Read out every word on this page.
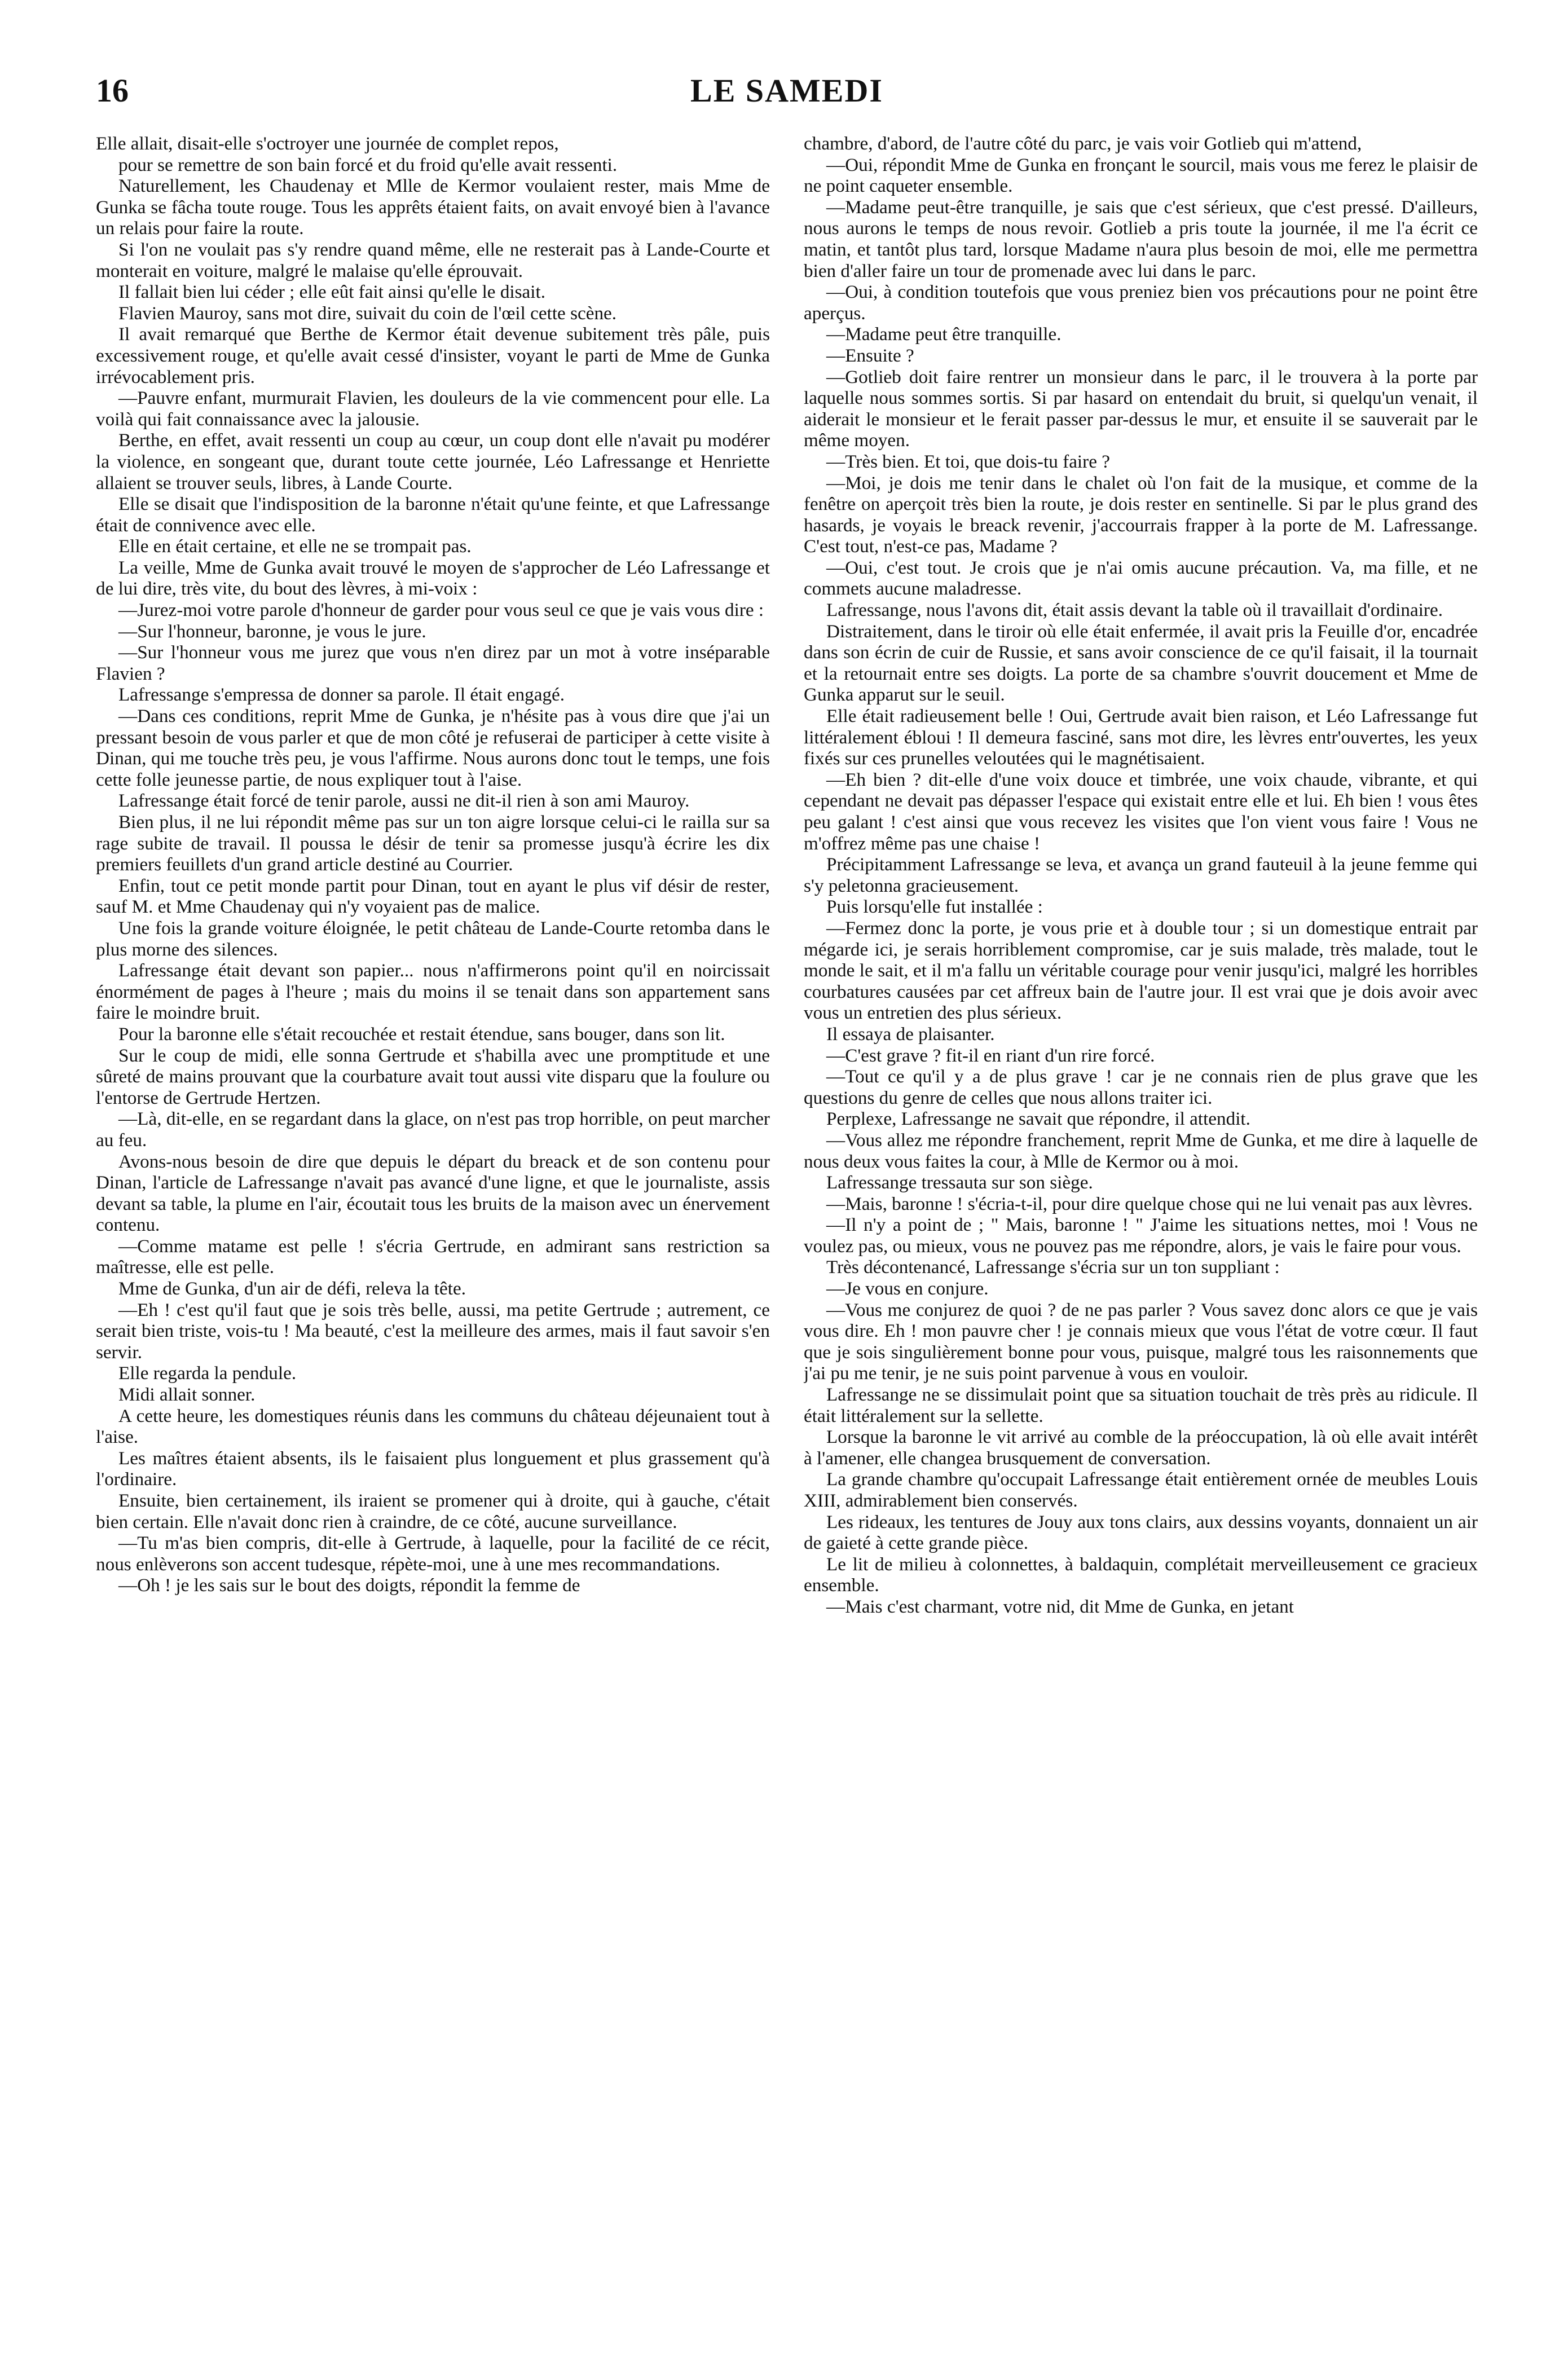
16	LE SAMEDI

Elle allait, disait-elle s'octroyer une journée de complet repos,

pour se remettre de son bain forcé et du froid qu'elle avait ressenti.

Naturellement, les Chaudenay et Mlle de Kermor voulaient rester, mais Mme de Gunka se fâcha toute rouge. Tous les apprêts étaient faits, on avait envoyé bien à l'avance un relais pour faire la route.

Si l'on ne voulait pas s'y rendre quand même, elle ne resterait pas à Lande-Courte et monterait en voiture, malgré le malaise qu'elle éprouvait.

Il fallait bien lui céder ; elle eût fait ainsi qu'elle le disait.

Flavien Mauroy, sans mot dire, suivait du coin de l'œil cette scène.

Il avait remarqué que Berthe de Kermor était devenue subitement très pâle, puis excessivement rouge, et qu'elle avait cessé d'insister, voyant le parti de Mme de Gunka irrévocablement pris.

—Pauvre enfant, murmurait Flavien, les douleurs de la vie commencent pour elle. La voilà qui fait connaissance avec la jalousie.

Berthe, en effet, avait ressenti un coup au cœur, un coup dont elle n'avait pu modérer la violence, en songeant que, durant toute cette journée, Léo Lafressange et Henriette allaient se trouver seuls, libres, à Lande Courte.

Elle se disait que l'indisposition de la baronne n'était qu'une feinte, et que Lafressange était de connivence avec elle.

Elle en était certaine, et elle ne se trompait pas.

La veille, Mme de Gunka avait trouvé le moyen de s'approcher de Léo Lafressange et de lui dire, très vite, du bout des lèvres, à mi-voix :

—Jurez-moi votre parole d'honneur de garder pour vous seul ce que je vais vous dire :

—Sur l'honneur, baronne, je vous le jure.

—Sur l'honneur vous me jurez que vous n'en direz par un mot à votre inséparable Flavien ?

Lafressange s'empressa de donner sa parole. Il était engagé.

—Dans ces conditions, reprit Mme de Gunka, je n'hésite pas à vous dire que j'ai un pressant besoin de vous parler et que de mon côté je refuserai de participer à cette visite à Dinan, qui me touche très peu, je vous l'affirme. Nous aurons donc tout le temps, une fois cette folle jeunesse partie, de nous expliquer tout à l'aise.

Lafressange était forcé de tenir parole, aussi ne dit-il rien à son ami Mauroy.

Bien plus, il ne lui répondit même pas sur un ton aigre lorsque celui-ci le railla sur sa rage subite de travail. Il poussa le désir de tenir sa promesse jusqu'à écrire les dix premiers feuillets d'un grand article destiné au Courrier.

Enfin, tout ce petit monde partit pour Dinan, tout en ayant le plus vif désir de rester, sauf M. et Mme Chaudenay qui n'y voyaient pas de malice.

Une fois la grande voiture éloignée, le petit château de Lande-Courte retomba dans le plus morne des silences.

Lafressange était devant son papier... nous n'affirmerons point qu'il en noircissait énormément de pages à l'heure ; mais du moins il se tenait dans son appartement sans faire le moindre bruit.

Pour la baronne elle s'était recouchée et restait étendue, sans bouger, dans son lit.

Sur le coup de midi, elle sonna Gertrude et s'habilla avec une promptitude et une sûreté de mains prouvant que la courbature avait tout aussi vite disparu que la foulure ou l'entorse de Gertrude Hertzen.

—Là, dit-elle, en se regardant dans la glace, on n'est pas trop horrible, on peut marcher au feu.

Avons-nous besoin de dire que depuis le départ du breack et de son contenu pour Dinan, l'article de Lafressange n'avait pas avancé d'une ligne, et que le journaliste, assis devant sa table, la plume en l'air, écoutait tous les bruits de la maison avec un énervement contenu.

—Comme matame est pelle ! s'écria Gertrude, en admirant sans restriction sa maîtresse, elle est pelle.

Mme de Gunka, d'un air de défi, releva la tête.

—Eh ! c'est qu'il faut que je sois très belle, aussi, ma petite Gertrude ; autrement, ce serait bien triste, vois-tu ! Ma beauté, c'est la meilleure des armes, mais il faut savoir s'en servir.

Elle regarda la pendule.

Midi allait sonner.

A cette heure, les domestiques réunis dans les communs du château déjeunaient tout à l'aise.

Les maîtres étaient absents, ils le faisaient plus longuement et plus grassement qu'à l'ordinaire.

Ensuite, bien certainement, ils iraient se promener qui à droite, qui à gauche, c'était bien certain. Elle n'avait donc rien à craindre, de ce côté, aucune surveillance.

—Tu m'as bien compris, dit-elle à Gertrude, à laquelle, pour la facilité de ce récit, nous enlèverons son accent tudesque, répète-moi, une à une mes recommandations.

—Oh ! je les sais sur le bout des doigts, répondit la femme de

chambre, d'abord, de l'autre côté du parc, je vais voir Gotlieb qui m'attend,

—Oui, répondit Mme de Gunka en fronçant le sourcil, mais vous me ferez le plaisir de ne point caqueter ensemble.

—Madame peut-être tranquille, je sais que c'est sérieux, que c'est pressé. D'ailleurs, nous aurons le temps de nous revoir. Gotlieb a pris toute la journée, il me l'a écrit ce matin, et tantôt plus tard, lorsque Madame n'aura plus besoin de moi, elle me permettra bien d'aller faire un tour de promenade avec lui dans le parc.

—Oui, à condition toutefois que vous preniez bien vos précautions pour ne point être aperçus.

—Madame peut être tranquille.

—Ensuite ?

—Gotlieb doit faire rentrer un monsieur dans le parc, il le trouvera à la porte par laquelle nous sommes sortis. Si par hasard on entendait du bruit, si quelqu'un venait, il aiderait le monsieur et le ferait passer par-dessus le mur, et ensuite il se sauverait par le même moyen.

—Très bien. Et toi, que dois-tu faire ?

—Moi, je dois me tenir dans le chalet où l'on fait de la musique, et comme de la fenêtre on aperçoit très bien la route, je dois rester en sentinelle. Si par le plus grand des hasards, je voyais le breack revenir, j'accourrais frapper à la porte de M. Lafressange. C'est tout, n'est-ce pas, Madame ?

—Oui, c'est tout. Je crois que je n'ai omis aucune précaution. Va, ma fille, et ne commets aucune maladresse.

Lafressange, nous l'avons dit, était assis devant la table où il travaillait d'ordinaire.

Distraitement, dans le tiroir où elle était enfermée, il avait pris la Feuille d'or, encadrée dans son écrin de cuir de Russie, et sans avoir conscience de ce qu'il faisait, il la tournait et la retournait entre ses doigts. La porte de sa chambre s'ouvrit doucement et Mme de Gunka apparut sur le seuil.

Elle était radieusement belle ! Oui, Gertrude avait bien raison, et Léo Lafressange fut littéralement ébloui ! Il demeura fasciné, sans mot dire, les lèvres entr'ouvertes, les yeux fixés sur ces prunelles veloutées qui le magnétisaient.

—Eh bien ? dit-elle d'une voix douce et timbrée, une voix chaude, vibrante, et qui cependant ne devait pas dépasser l'espace qui existait entre elle et lui. Eh bien ! vous êtes peu galant ! c'est ainsi que vous recevez les visites que l'on vient vous faire ! Vous ne m'offrez même pas une chaise !

Précipitamment Lafressange se leva, et avança un grand fauteuil à la jeune femme qui s'y peletonna gracieusement.

Puis lorsqu'elle fut installée :

—Fermez donc la porte, je vous prie et à double tour ; si un domestique entrait par mégarde ici, je serais horriblement compromise, car je suis malade, très malade, tout le monde le sait, et il m'a fallu un véritable courage pour venir jusqu'ici, malgré les horribles courbatures causées par cet affreux bain de l'autre jour. Il est vrai que je dois avoir avec vous un entretien des plus sérieux.

Il essaya de plaisanter.

—C'est grave ? fit-il en riant d'un rire forcé.

—Tout ce qu'il y a de plus grave ! car je ne connais rien de plus grave que les questions du genre de celles que nous allons traiter ici.

Perplexe, Lafressange ne savait que répondre, il attendit.

—Vous allez me répondre franchement, reprit Mme de Gunka, et me dire à laquelle de nous deux vous faites la cour, à Mlle de Kermor ou à moi.

Lafressange tressauta sur son siège.

—Mais, baronne ! s'écria-t-il, pour dire quelque chose qui ne lui venait pas aux lèvres.

—Il n'y a point de ; " Mais, baronne ! " J'aime les situations nettes, moi ! Vous ne voulez pas, ou mieux, vous ne pouvez pas me répondre, alors, je vais le faire pour vous.

Très décontenancé, Lafressange s'écria sur un ton suppliant :

—Je vous en conjure.

—Vous me conjurez de quoi ? de ne pas parler ? Vous savez donc alors ce que je vais vous dire. Eh ! mon pauvre cher ! je connais mieux que vous l'état de votre cœur. Il faut que je sois singulièrement bonne pour vous, puisque, malgré tous les raisonnements que j'ai pu me tenir, je ne suis point parvenue à vous en vouloir.

Lafressange ne se dissimulait point que sa situation touchait de très près au ridicule. Il était littéralement sur la sellette.

Lorsque la baronne le vit arrivé au comble de la préoccupation, là où elle avait intérêt à l'amener, elle changea brusquement de conversation.

La grande chambre qu'occupait Lafressange était entièrement ornée de meubles Louis XIII, admirablement bien conservés.

Les rideaux, les tentures de Jouy aux tons clairs, aux dessins voyants, donnaient un air de gaieté à cette grande pièce.

Le lit de milieu à colonnettes, à baldaquin, complétait merveilleusement ce gracieux ensemble.

—Mais c'est charmant, votre nid, dit Mme de Gunka, en jetant
